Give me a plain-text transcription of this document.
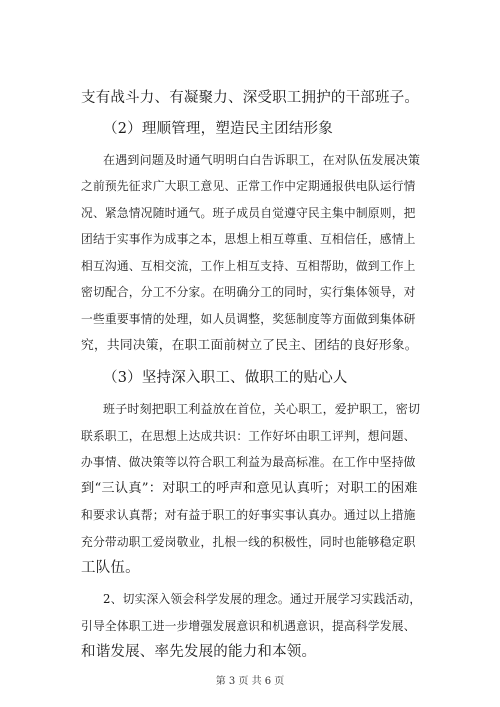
支有战斗力、有凝聚力、深受职工拥护的干部班子。
（2）理顺管理，塑造民主团结形象
在遇到问题及时通气明明白白告诉职工，在对队伍发展决策
之前预先征求广大职工意见、正常工作中定期通报供电队运行情
况、紧急情况随时通气。班子成员自觉遵守民主集中制原则，把
团结于实事作为成事之本，思想上相互尊重、互相信任，感情上
相互沟通、互相交流，工作上相互支持、互相帮助，做到工作上
密切配合，分工不分家。在明确分工的同时，实行集体领导，对
一些重要事情的处理，如人员调整，奖惩制度等方面做到集体研
究，共同决策，在职工面前树立了民主、团结的良好形象。
（3）坚持深入职工、做职工的贴心人
班子时刻把职工利益放在首位，关心职工，爱护职工，密切
联系职工，在思想上达成共识：工作好坏由职工评判，想问题、
办事情、做决策等以符合职工利益为最高标准。在工作中坚持做
到“三认真”：对职工的呼声和意见认真听；对职工的困难
和要求认真帮；对有益于职工的好事实事认真办。通过以上措施
充分带动职工爱岗敬业，扎根一线的积极性，同时也能够稳定职
工队伍。
2、切实深入领会科学发展的理念。通过开展学习实践活动，
引导全体职工进一步增强发展意识和机遇意识，提高科学发展、
和谐发展、率先发展的能力和本领。
第 3 页 共 6 页
